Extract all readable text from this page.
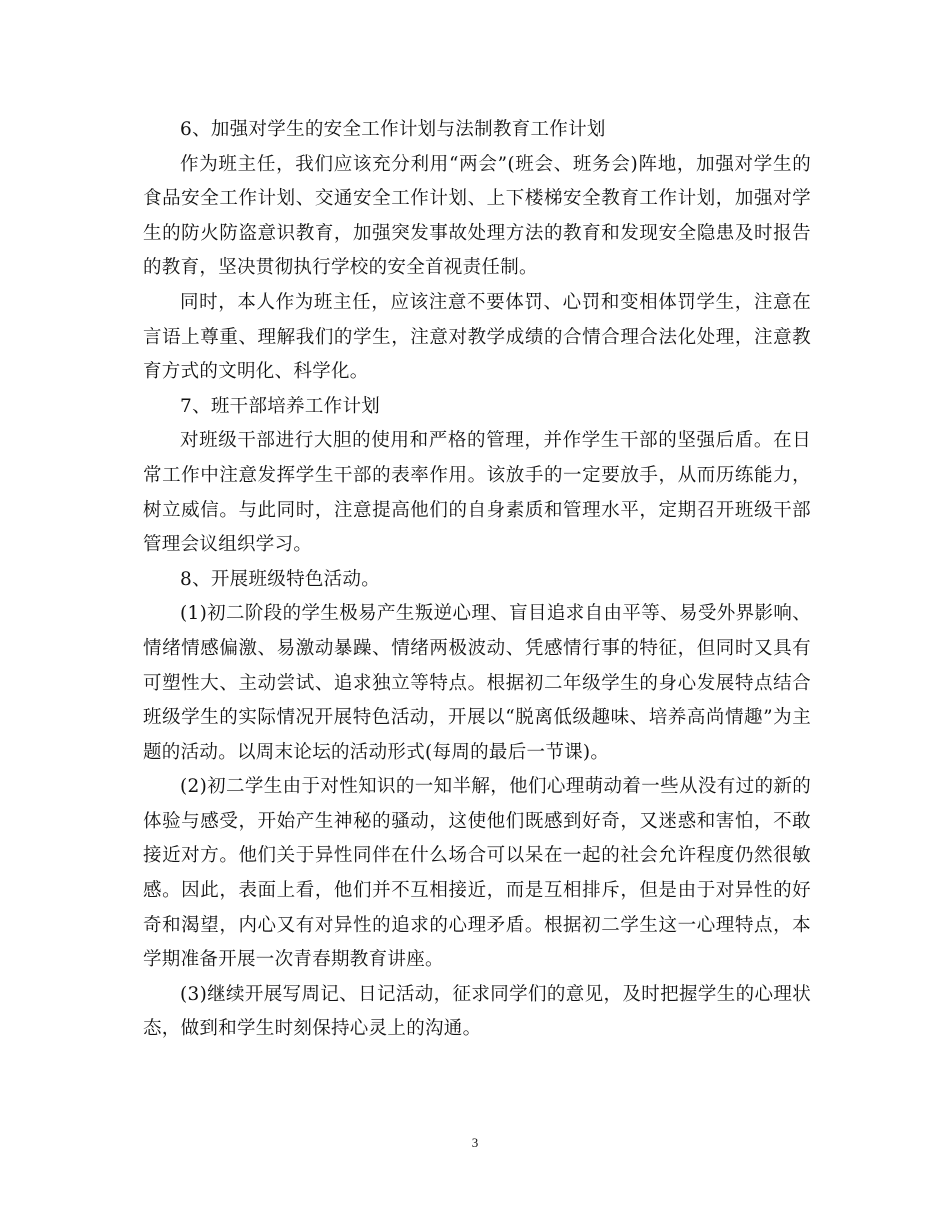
6、加强对学生的安全工作计划与法制教育工作计划

作为班主任，我们应该充分利用“两会”(班会、班务会)阵地，加强对学生的食品安全工作计划、交通安全工作计划、上下楼梯安全教育工作计划，加强对学生的防火防盗意识教育，加强突发事故处理方法的教育和发现安全隐患及时报告的教育，坚决贯彻执行学校的安全首视责任制。

同时，本人作为班主任，应该注意不要体罚、心罚和变相体罚学生，注意在言语上尊重、理解我们的学生，注意对教学成绩的合情合理合法化处理，注意教育方式的文明化、科学化。

7、班干部培养工作计划

对班级干部进行大胆的使用和严格的管理，并作学生干部的坚强后盾。在日常工作中注意发挥学生干部的表率作用。该放手的一定要放手，从而历练能力，树立威信。与此同时，注意提高他们的自身素质和管理水平，定期召开班级干部管理会议组织学习。

8、开展班级特色活动。

(1)初二阶段的学生极易产生叛逆心理、盲目追求自由平等、易受外界影响、情绪情感偏激、易激动暴躁、情绪两极波动、凭感情行事的特征，但同时又具有可塑性大、主动尝试、追求独立等特点。根据初二年级学生的身心发展特点结合班级学生的实际情况开展特色活动，开展以“脱离低级趣味、培养高尚情趣”为主题的活动。以周末论坛的活动形式(每周的最后一节课)。

(2)初二学生由于对性知识的一知半解，他们心理萌动着一些从没有过的新的体验与感受，开始产生神秘的骚动，这使他们既感到好奇，又迷惑和害怕，不敢接近对方。他们关于异性同伴在什么场合可以呆在一起的社会允许程度仍然很敏感。因此，表面上看，他们并不互相接近，而是互相排斥，但是由于对异性的好奇和渴望，内心又有对异性的追求的心理矛盾。根据初二学生这一心理特点，本学期准备开展一次青春期教育讲座。

(3)继续开展写周记、日记活动，征求同学们的意见，及时把握学生的心理状态，做到和学生时刻保持心灵上的沟通。

3
